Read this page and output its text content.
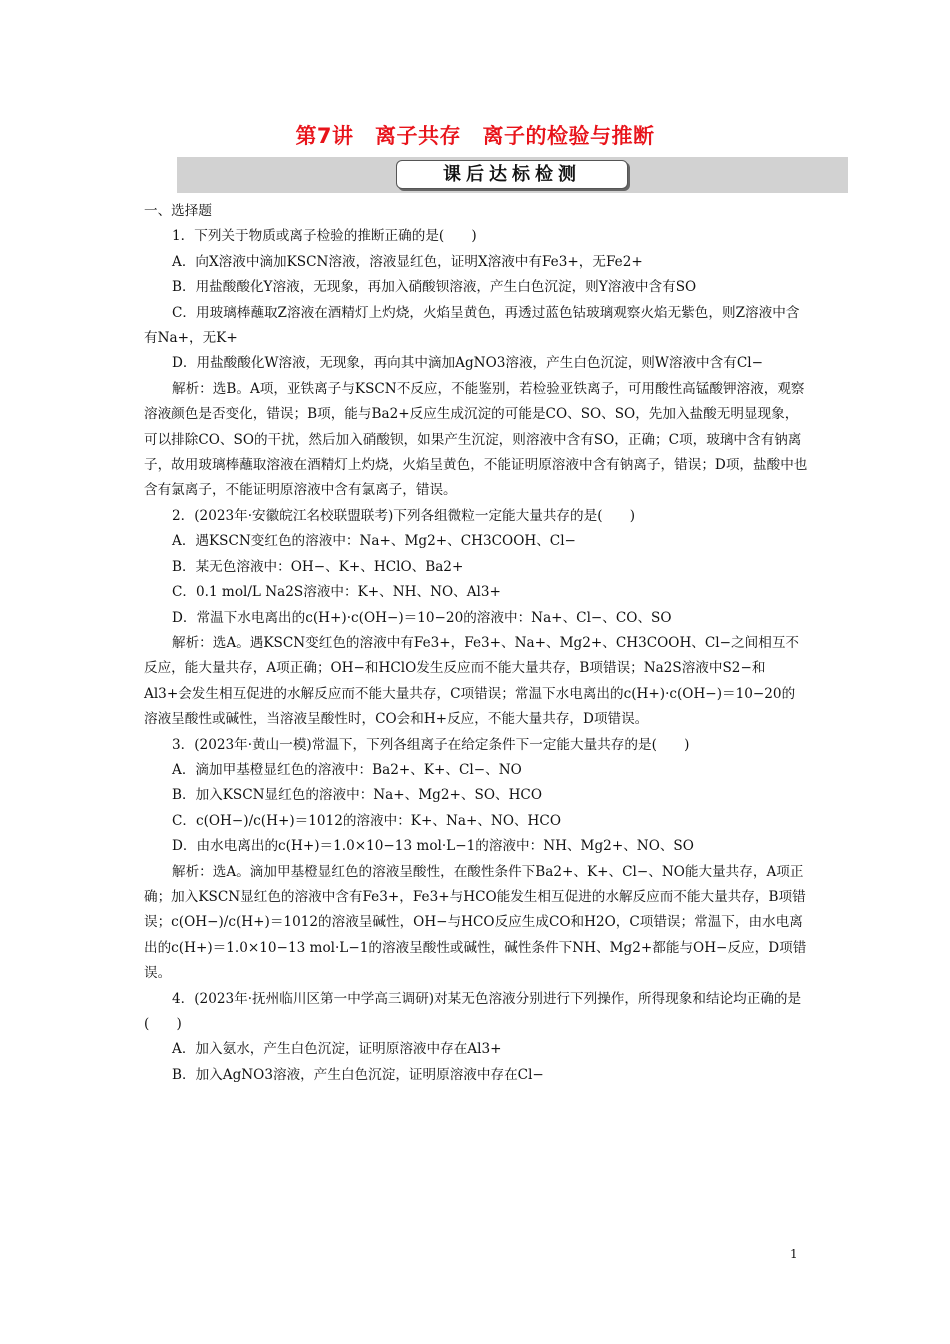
第7讲　离子共存　离子的检验与推断
课后达标检测

一、选择题

1．下列关于物质或离子检验的推断正确的是(　　)

A．向X溶液中滴加KSCN溶液，溶液显红色，证明X溶液中有Fe3+，无Fe2+

B．用盐酸酸化Y溶液，无现象，再加入硝酸钡溶液，产生白色沉淀，则Y溶液中含有SO

C．用玻璃棒蘸取Z溶液在酒精灯上灼烧，火焰呈黄色，再透过蓝色钴玻璃观察火焰无紫色，则Z溶液中含有Na+，无K+

D．用盐酸酸化W溶液，无现象，再向其中滴加AgNO3溶液，产生白色沉淀，则W溶液中含有Cl−

解析：选B。A项，亚铁离子与KSCN不反应，不能鉴别，若检验亚铁离子，可用酸性高锰酸钾溶液，观察溶液颜色是否变化，错误；B项，能与Ba2+反应生成沉淀的可能是CO、SO、SO，先加入盐酸无明显现象，可以排除CO、SO的干扰，然后加入硝酸钡，如果产生沉淀，则溶液中含有SO，正确；C项，玻璃中含有钠离子，故用玻璃棒蘸取溶液在酒精灯上灼烧，火焰呈黄色，不能证明原溶液中含有钠离子，错误；D项，盐酸中也含有氯离子，不能证明原溶液中含有氯离子，错误。

2．(2023年·安徽皖江名校联盟联考)下列各组微粒一定能大量共存的是(　　)

A．遇KSCN变红色的溶液中：Na+、Mg2+、CH3COOH、Cl−

B．某无色溶液中：OH−、K+、HClO、Ba2+

C．0.1 mol/L Na2S溶液中：K+、NH、NO、Al3+

D．常温下水电离出的c(H+)·c(OH−)＝10−20的溶液中：Na+、Cl−、CO、SO

解析：选A。遇KSCN变红色的溶液中有Fe3+，Fe3+、Na+、Mg2+、CH3COOH、Cl−之间相互不反应，能大量共存，A项正确；OH−和HClO发生反应而不能大量共存，B项错误；Na2S溶液中S2−和Al3+会发生相互促进的水解反应而不能大量共存，C项错误；常温下水电离出的c(H+)·c(OH−)＝10−20的溶液呈酸性或碱性，当溶液呈酸性时，CO会和H+反应，不能大量共存，D项错误。

3．(2023年·黄山一模)常温下，下列各组离子在给定条件下一定能大量共存的是(　　)

A．滴加甲基橙显红色的溶液中：Ba2+、K+、Cl−、NO

B．加入KSCN显红色的溶液中：Na+、Mg2+、SO、HCO

C．c(OH−)/c(H+)＝1012的溶液中：K+、Na+、NO、HCO

D．由水电离出的c(H+)＝1.0×10−13 mol·L−1的溶液中：NH、Mg2+、NO、SO

解析：选A。滴加甲基橙显红色的溶液呈酸性，在酸性条件下Ba2+、K+、Cl−、NO能大量共存，A项正确；加入KSCN显红色的溶液中含有Fe3+，Fe3+与HCO能发生相互促进的水解反应而不能大量共存，B项错误；c(OH−)/c(H+)＝1012的溶液呈碱性，OH−与HCO反应生成CO和H2O，C项错误；常温下，由水电离出的c(H+)＝1.0×10−13 mol·L−1的溶液呈酸性或碱性，碱性条件下NH、Mg2+都能与OH−反应，D项错误。

4．(2023年·抚州临川区第一中学高三调研)对某无色溶液分别进行下列操作，所得现象和结论均正确的是(　　)

A．加入氨水，产生白色沉淀，证明原溶液中存在Al3+

B．加入AgNO3溶液，产生白色沉淀，证明原溶液中存在Cl−

1
